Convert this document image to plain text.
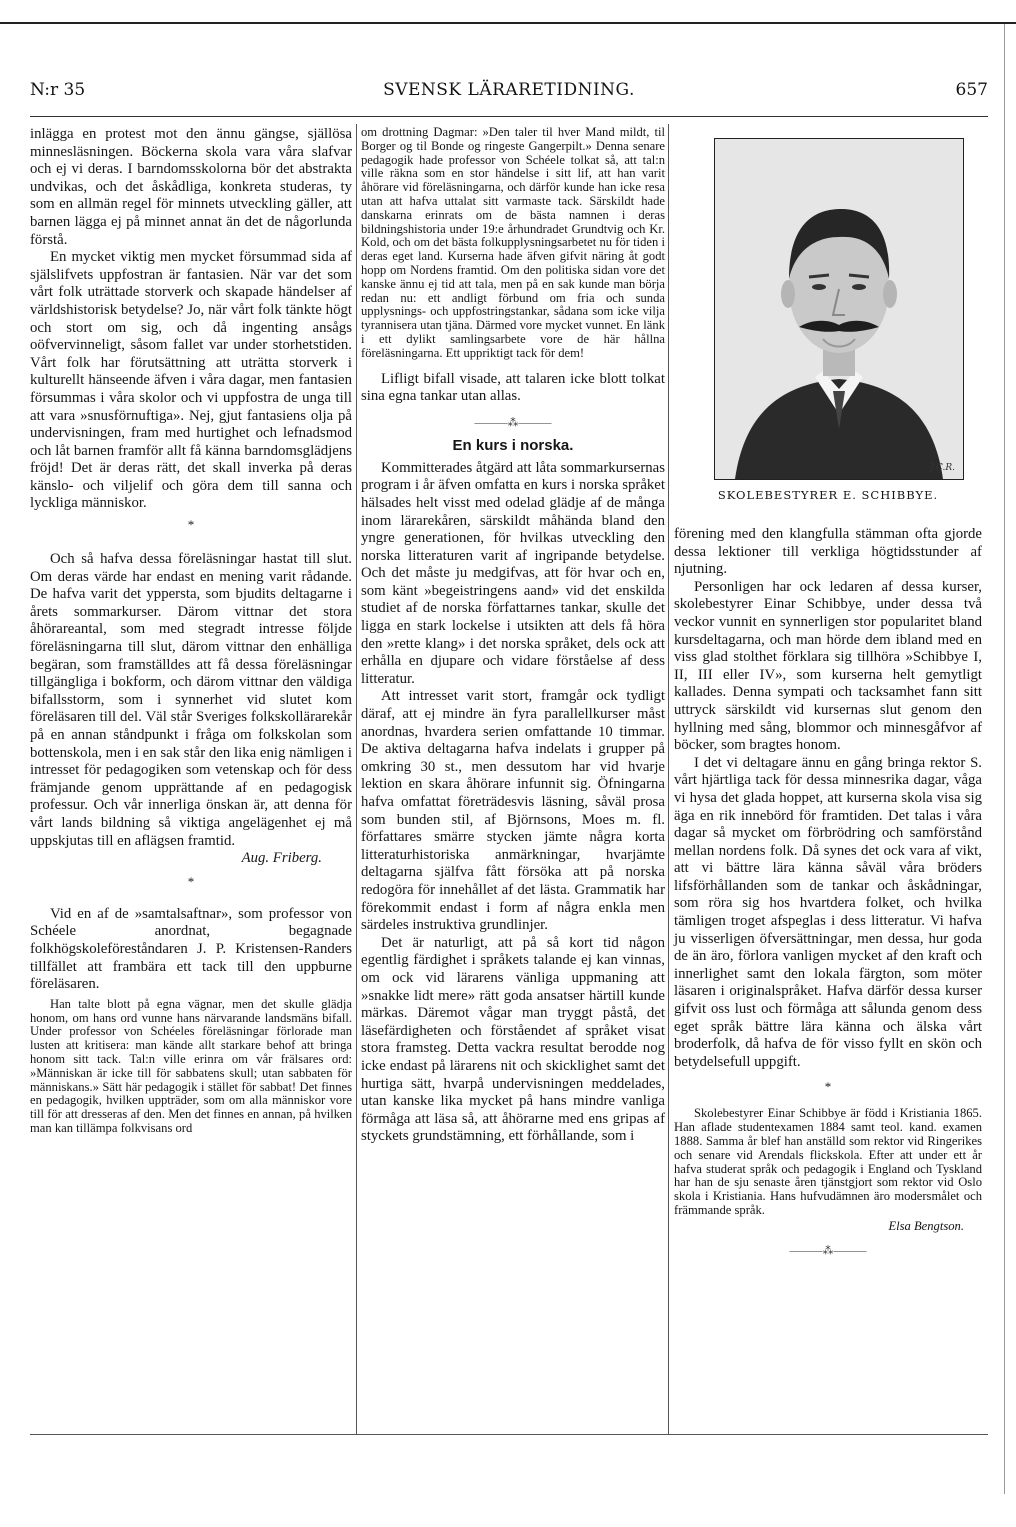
SVENSK LÄRARETIDNING.
N:r 35	657

inlägga en protest mot den ännu gängse, själlösa minnesläsningen. Böckerna skola vara våra slafvar och ej vi deras. I barndomsskolorna bör det abstrakta undvikas, och det åskådliga, konkreta studeras, ty som en allmän regel för minnets utveckling gäller, att barnen lägga ej på minnet annat än det de någorlunda förstå.

En mycket viktig men mycket försummad sida af själslifvets uppfostran är fantasien. När var det som vårt folk uträttade storverk och skapade händelser af världshistorisk betydelse? Jo, när vårt folk tänkte högt och stort om sig, och då ingenting ansågs oöfvervinneligt, såsom fallet var under storhetstiden. Vårt folk har förutsättning att uträtta storverk i kulturellt hänseende äfven i våra dagar, men fantasien försummas i våra skolor och vi uppfostra de unga till att vara »snusförnuftiga». Nej, gjut fantasiens olja på undervisningen, fram med hurtighet och lefnadsmod och låt barnen framför allt få känna barndomsglädjens fröjd! Det är deras rätt, det skall inverka på deras känslo- och viljelif och göra dem till sanna och lyckliga människor.

*

Och så hafva dessa föreläsningar hastat till slut. Om deras värde har endast en mening varit rådande. De hafva varit det yppersta, som bjudits deltagarne i årets sommarkurser. Därom vittnar det stora åhörareantal, som med stegradt intresse följde föreläsningarna till slut, därom vittnar den enhälliga begäran, som framställdes att få dessa föreläsningar tillgängliga i bokform, och därom vittnar den väldiga bifallsstorm, som i synnerhet vid slutet kom föreläsaren till del. Väl står Sveriges folkskollärarekår på en annan ståndpunkt i fråga om folkskolan som bottenskola, men i en sak står den lika enig nämligen i intresset för pedagogiken som vetenskap och för dess främjande genom upprättande af en pedagogisk professur. Och vår innerliga önskan är, att denna för vårt lands bildning så viktiga angelägenhet ej må uppskjutas till en aflägsen framtid.

Aug. Friberg.

*

Vid en af de »samtalsaftnar», som professor von Schéele anordnat, begagnade folkhögskoleföreståndaren J. P. Kristensen-Randers tillfället att frambära ett tack till den uppburne föreläsaren.

Han talte blott på egna vägnar, men det skulle glädja honom, om hans ord vunne hans närvarande landsmäns bifall. Under professor von Schéeles föreläsningar förlorade man lusten att kritisera: man kände allt starkare behof att bringa honom sitt tack. Tal:n ville erinra om vår frälsares ord: »Människan är icke till för sabbatens skull; utan sabbaten för människans.» Sätt här pedagogik i stället för sabbat! Det finnes en pedagogik, hvilken uppträder, som om alla människor vore till för att dresseras af den. Men det finnes en annan, på hvilken man kan tillämpa folkvisans ord

om drottning Dagmar: »Den taler til hver Mand mildt, til Borger og til Bonde og ringeste Gangerpilt.» Denna senare pedagogik hade professor von Schéele tolkat så, att tal:n ville räkna som en stor händelse i sitt lif, att han varit åhörare vid föreläsningarna, och därför kunde han icke resa utan att hafva uttalat sitt varmaste tack. Särskildt hade danskarna erinrats om de bästa namnen i deras bildningshistoria under 19:e århundradet Grundtvig och Kr. Kold, och om det bästa folkupplysningsarbetet nu för tiden i deras eget land. Kurserna hade äfven gifvit näring åt godt hopp om Nordens framtid. Om den politiska sidan vore det kanske ännu ej tid att tala, men på en sak kunde man börja redan nu: ett andligt förbund om fria och sunda upplysnings- och uppfostringstankar, sådana som icke vilja tyrannisera utan tjäna. Därmed vore mycket vunnet. En länk i ett dylikt samlingsarbete vore de här hållna föreläsningarna. Ett uppriktigt tack för dem!

Lifligt bifall visade, att talaren icke blott tolkat sina egna tankar utan allas.

———⁂———

En kurs i norska.

Kommitterades åtgärd att låta sommarkursernas program i år äfven omfatta en kurs i norska språket hälsades helt visst med odelad glädje af de många inom lärarekåren, särskildt måhända bland den yngre generationen, för hvilkas utveckling den norska litteraturen varit af ingripande betydelse. Och det måste ju medgifvas, att för hvar och en, som känt »begeistringens aand» vid det enskilda studiet af de norska författarnes tankar, skulle det ligga en stark lockelse i utsikten att dels få höra den »rette klang» i det norska språket, dels ock att erhålla en djupare och vidare förståelse af dess litteratur.

Att intresset varit stort, framgår ock tydligt däraf, att ej mindre än fyra parallellkurser måst anordnas, hvardera serien omfattande 10 timmar. De aktiva deltagarna hafva indelats i grupper på omkring 30 st., men dessutom har vid hvarje lektion en skara åhörare infunnit sig. Öfningarna hafva omfattat företrädesvis läsning, såväl prosa som bunden stil, af Björnsons, Moes m. fl. författares smärre stycken jämte några korta litteraturhistoriska anmärkningar, hvarjämte deltagarna själfva fått försöka att på norska redogöra för innehållet af det lästa. Grammatik har förekommit endast i form af några enkla men särdeles instruktiva grundlinjer.

Det är naturligt, att på så kort tid någon egentlig färdighet i språkets talande ej kan vinnas, om ock vid lärarens vänliga uppmaning att »snakke lidt mere» rätt goda ansatser härtill kunde märkas. Däremot vågar man tryggt påstå, det läsefärdigheten och förståendet af språket visat stora framsteg. Detta vackra resultat berodde nog icke endast på lärarens nit och skicklighet samt det hurtiga sätt, hvarpå undervisningen meddelades, utan kanske lika mycket på hans mindre vanliga förmåga att läsa så, att åhörarne med ens gripas af styckets grundstämning, ett förhållande, som i

J.C.R.
SKOLEBESTYRER E. SCHIBBYE.

förening med den klangfulla stämman ofta gjorde dessa lektioner till verkliga högtidsstunder af njutning.

Personligen har ock ledaren af dessa kurser, skolebestyrer Einar Schibbye, under dessa två veckor vunnit en synnerligen stor popularitet bland kursdeltagarna, och man hörde dem ibland med en viss glad stolthet förklara sig tillhöra »Schibbye I, II, III eller IV», som kurserna helt gemytligt kallades. Denna sympati och tacksamhet fann sitt uttryck särskildt vid kursernas slut genom den hyllning med sång, blommor och minnesgåfvor af böcker, som bragtes honom.

I det vi deltagare ännu en gång bringa rektor S. vårt hjärtliga tack för dessa minnesrika dagar, våga vi hysa det glada hoppet, att kurserna skola visa sig äga en rik innebörd för framtiden. Det talas i våra dagar så mycket om förbrödring och samförstånd mellan nordens folk. Då synes det ock vara af vikt, att vi bättre lära känna såväl våra bröders lifsförhållanden som de tankar och åskådningar, som röra sig hos hvartdera folket, och hvilka tämligen troget afspeglas i dess litteratur. Vi hafva ju visserligen öfversättningar, men dessa, hur goda de än äro, förlora vanligen mycket af den kraft och innerlighet samt den lokala färgton, som möter läsaren i originalspråket. Hafva därför dessa kurser gifvit oss lust och förmåga att sålunda genom dess eget språk bättre lära känna och älska vårt broderfolk, då hafva de för visso fyllt en skön och betydelsefull uppgift.

*

Skolebestyrer Einar Schibbye är född i Kristiania 1865. Han aflade studentexamen 1884 samt teol. kand. examen 1888. Samma år blef han anställd som rektor vid Ringerikes och senare vid Arendals flickskola. Efter att under ett år hafva studerat språk och pedagogik i England och Tyskland har han de sju senaste åren tjänstgjort som rektor vid Oslo skola i Kristiania. Hans hufvudämnen äro modersmålet och främmande språk.

Elsa Bengtson.

———⁂———
